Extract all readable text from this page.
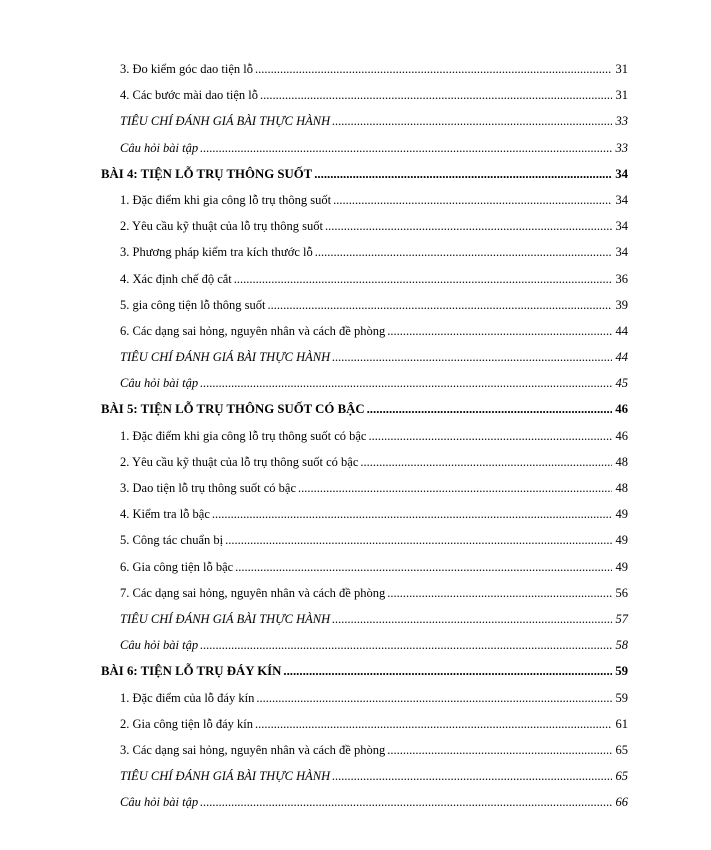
3. Đo kiểm góc dao tiện lỗ .....	31
4. Các bước mài dao tiện lỗ .....	31
TIÊU CHÍ ĐÁNH GIÁ BÀI THỰC HÀNH .....	33
Câu hỏi bài tập .....	33
BÀI 4: TIỆN LỖ TRỤ THÔNG SUỐT .....	34
1. Đặc điểm khi gia công lỗ trụ thông suốt .....	34
2. Yêu cầu kỹ thuật của lỗ trụ thông suốt .....	34
3. Phương pháp kiểm tra kích thước lỗ .....	34
4. Xác định chế độ cắt .....	36
5. gia công tiện lỗ thông suốt .....	39
6. Các dạng sai hỏng, nguyên nhân và cách đề phòng .....	44
TIÊU CHÍ ĐÁNH GIÁ BÀI THỰC HÀNH .....	44
Câu hỏi bài tập .....	45
BÀI 5: TIỆN LỖ TRỤ THÔNG SUỐT CÓ BẬC .....	46
1. Đặc điểm khi gia công lỗ trụ thông suốt có bậc .....	46
2. Yêu cầu kỹ thuật của lỗ trụ thông suốt có bậc .....	48
3. Dao tiện lỗ trụ thông suốt có bậc .....	48
4. Kiểm tra lỗ bậc .....	49
5. Công tác chuẩn bị .....	49
6. Gia công tiện lỗ bậc .....	49
7. Các dạng sai hỏng, nguyên nhân và cách đề phòng .....	56
TIÊU CHÍ ĐÁNH GIÁ BÀI THỰC HÀNH .....	57
Câu hỏi bài tập .....	58
BÀI 6: TIỆN LỖ TRỤ ĐÁY KÍN .....	59
1. Đặc điểm của lỗ đáy kín .....	59
2. Gia công tiện lỗ đáy kín .....	61
3. Các dạng sai hỏng, nguyên nhân và cách đề phòng .....	65
TIÊU CHÍ ĐÁNH GIÁ BÀI THỰC HÀNH .....	65
Câu hỏi bài tập .....	66
